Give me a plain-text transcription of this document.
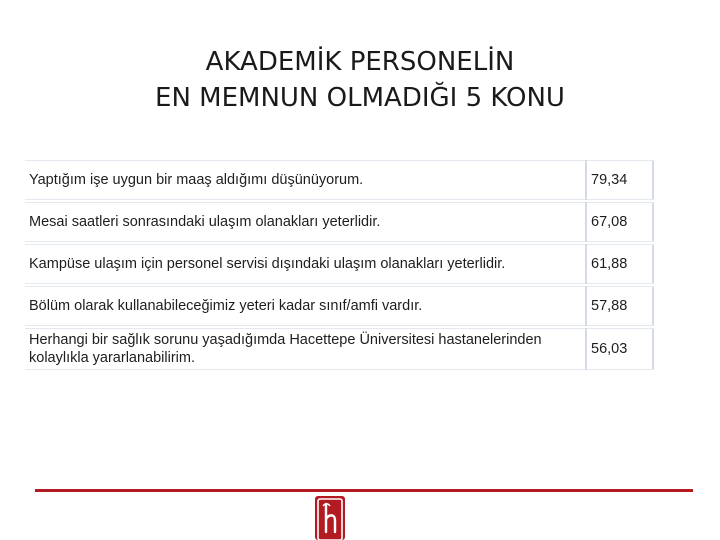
AKADEMİK PERSONELİN
EN MEMNUN OLMADIĞI 5 KONU
Yaptığım işe uygun bir maaş aldığımı düşünüyorum.	79,34
Mesai saatleri sonrasındaki ulaşım olanakları yeterlidir.	67,08
Kampüse ulaşım için personel servisi dışındaki ulaşım olanakları yeterlidir.	61,88
Bölüm olarak kullanabileceğimiz yeteri kadar sınıf/amfi vardır.	57,88
Herhangi bir sağlık sorunu yaşadığımda Hacettepe Üniversitesi hastanelerinden kolaylıkla yararlanabilirim.	56,03
